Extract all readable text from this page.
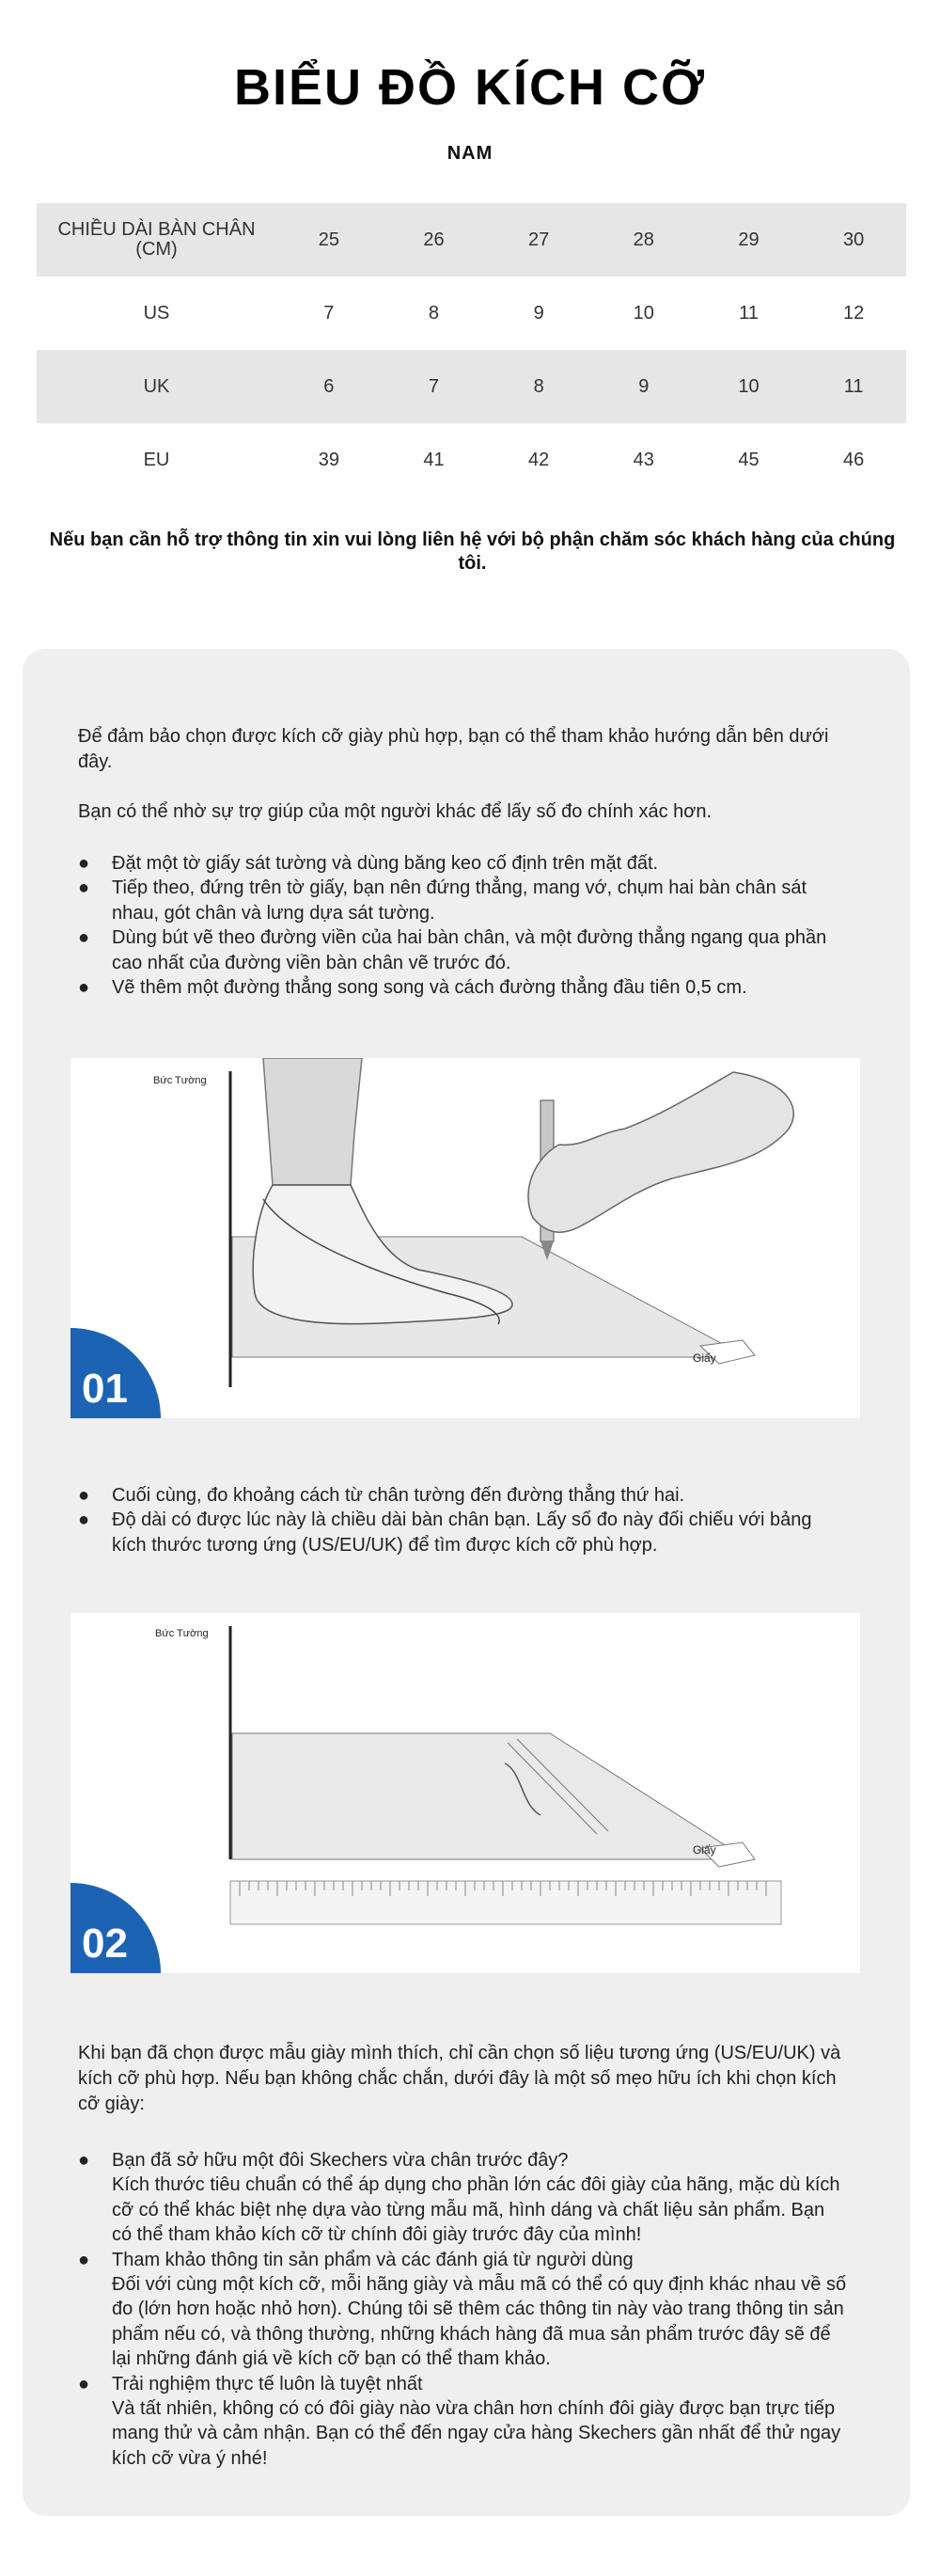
BIỂU ĐỒ KÍCH CỠ
NAM
CHIỀU DÀI BÀN CHÂN (CM)	25	26	27	28	29	30
US	7	8	9	10	11	12
UK	6	7	8	9	10	11
EU	39	41	42	43	45	46
Nếu bạn cần hỗ trợ thông tin xin vui lòng liên hệ với bộ phận chăm sóc khách hàng của chúng tôi.
Để đảm bảo chọn được kích cỡ giày phù hợp, bạn có thể tham khảo hướng dẫn bên dưới đây.
Bạn có thể nhờ sự trợ giúp của một người khác để lấy số đo chính xác hơn.
● Đặt một tờ giấy sát tường và dùng băng keo cố định trên mặt đất.
● Tiếp theo, đứng trên tờ giấy, bạn nên đứng thẳng, mang vớ, chụm hai bàn chân sát nhau, gót chân và lưng dựa sát tường.
● Dùng bút vẽ theo đường viền của hai bàn chân, và một đường thẳng ngang qua phần cao nhất của đường viền bàn chân vẽ trước đó.
● Vẽ thêm một đường thẳng song song và cách đường thẳng đầu tiên 0,5 cm.
Bức Tường
Giấy
01
● Cuối cùng, đo khoảng cách từ chân tường đến đường thẳng thứ hai.
● Độ dài có được lúc này là chiều dài bàn chân bạn. Lấy số đo này đối chiếu với bảng kích thước tương ứng (US/EU/UK) để tìm được kích cỡ phù hợp.
Bức Tường
Giấy
02
Khi bạn đã chọn được mẫu giày mình thích, chỉ cần chọn số liệu tương ứng (US/EU/UK) và kích cỡ phù hợp. Nếu bạn không chắc chắn, dưới đây là một số mẹo hữu ích khi chọn kích cỡ giày:
● Bạn đã sở hữu một đôi Skechers vừa chân trước đây?
Kích thước tiêu chuẩn có thể áp dụng cho phần lớn các đôi giày của hãng, mặc dù kích cỡ có thể khác biệt nhẹ dựa vào từng mẫu mã, hình dáng và chất liệu sản phẩm. Bạn có thể tham khảo kích cỡ từ chính đôi giày trước đây của mình!
● Tham khảo thông tin sản phẩm và các đánh giá từ người dùng
Đối với cùng một kích cỡ, mỗi hãng giày và mẫu mã có thể có quy định khác nhau về số đo (lớn hơn hoặc nhỏ hơn). Chúng tôi sẽ thêm các thông tin này vào trang thông tin sản phẩm nếu có, và thông thường, những khách hàng đã mua sản phẩm trước đây sẽ để lại những đánh giá về kích cỡ bạn có thể tham khảo.
● Trải nghiệm thực tế luôn là tuyệt nhất
Và tất nhiên, không có có đôi giày nào vừa chân hơn chính đôi giày được bạn trực tiếp mang thử và cảm nhận. Bạn có thể đến ngay cửa hàng Skechers gần nhất để thử ngay kích cỡ vừa ý nhé!
